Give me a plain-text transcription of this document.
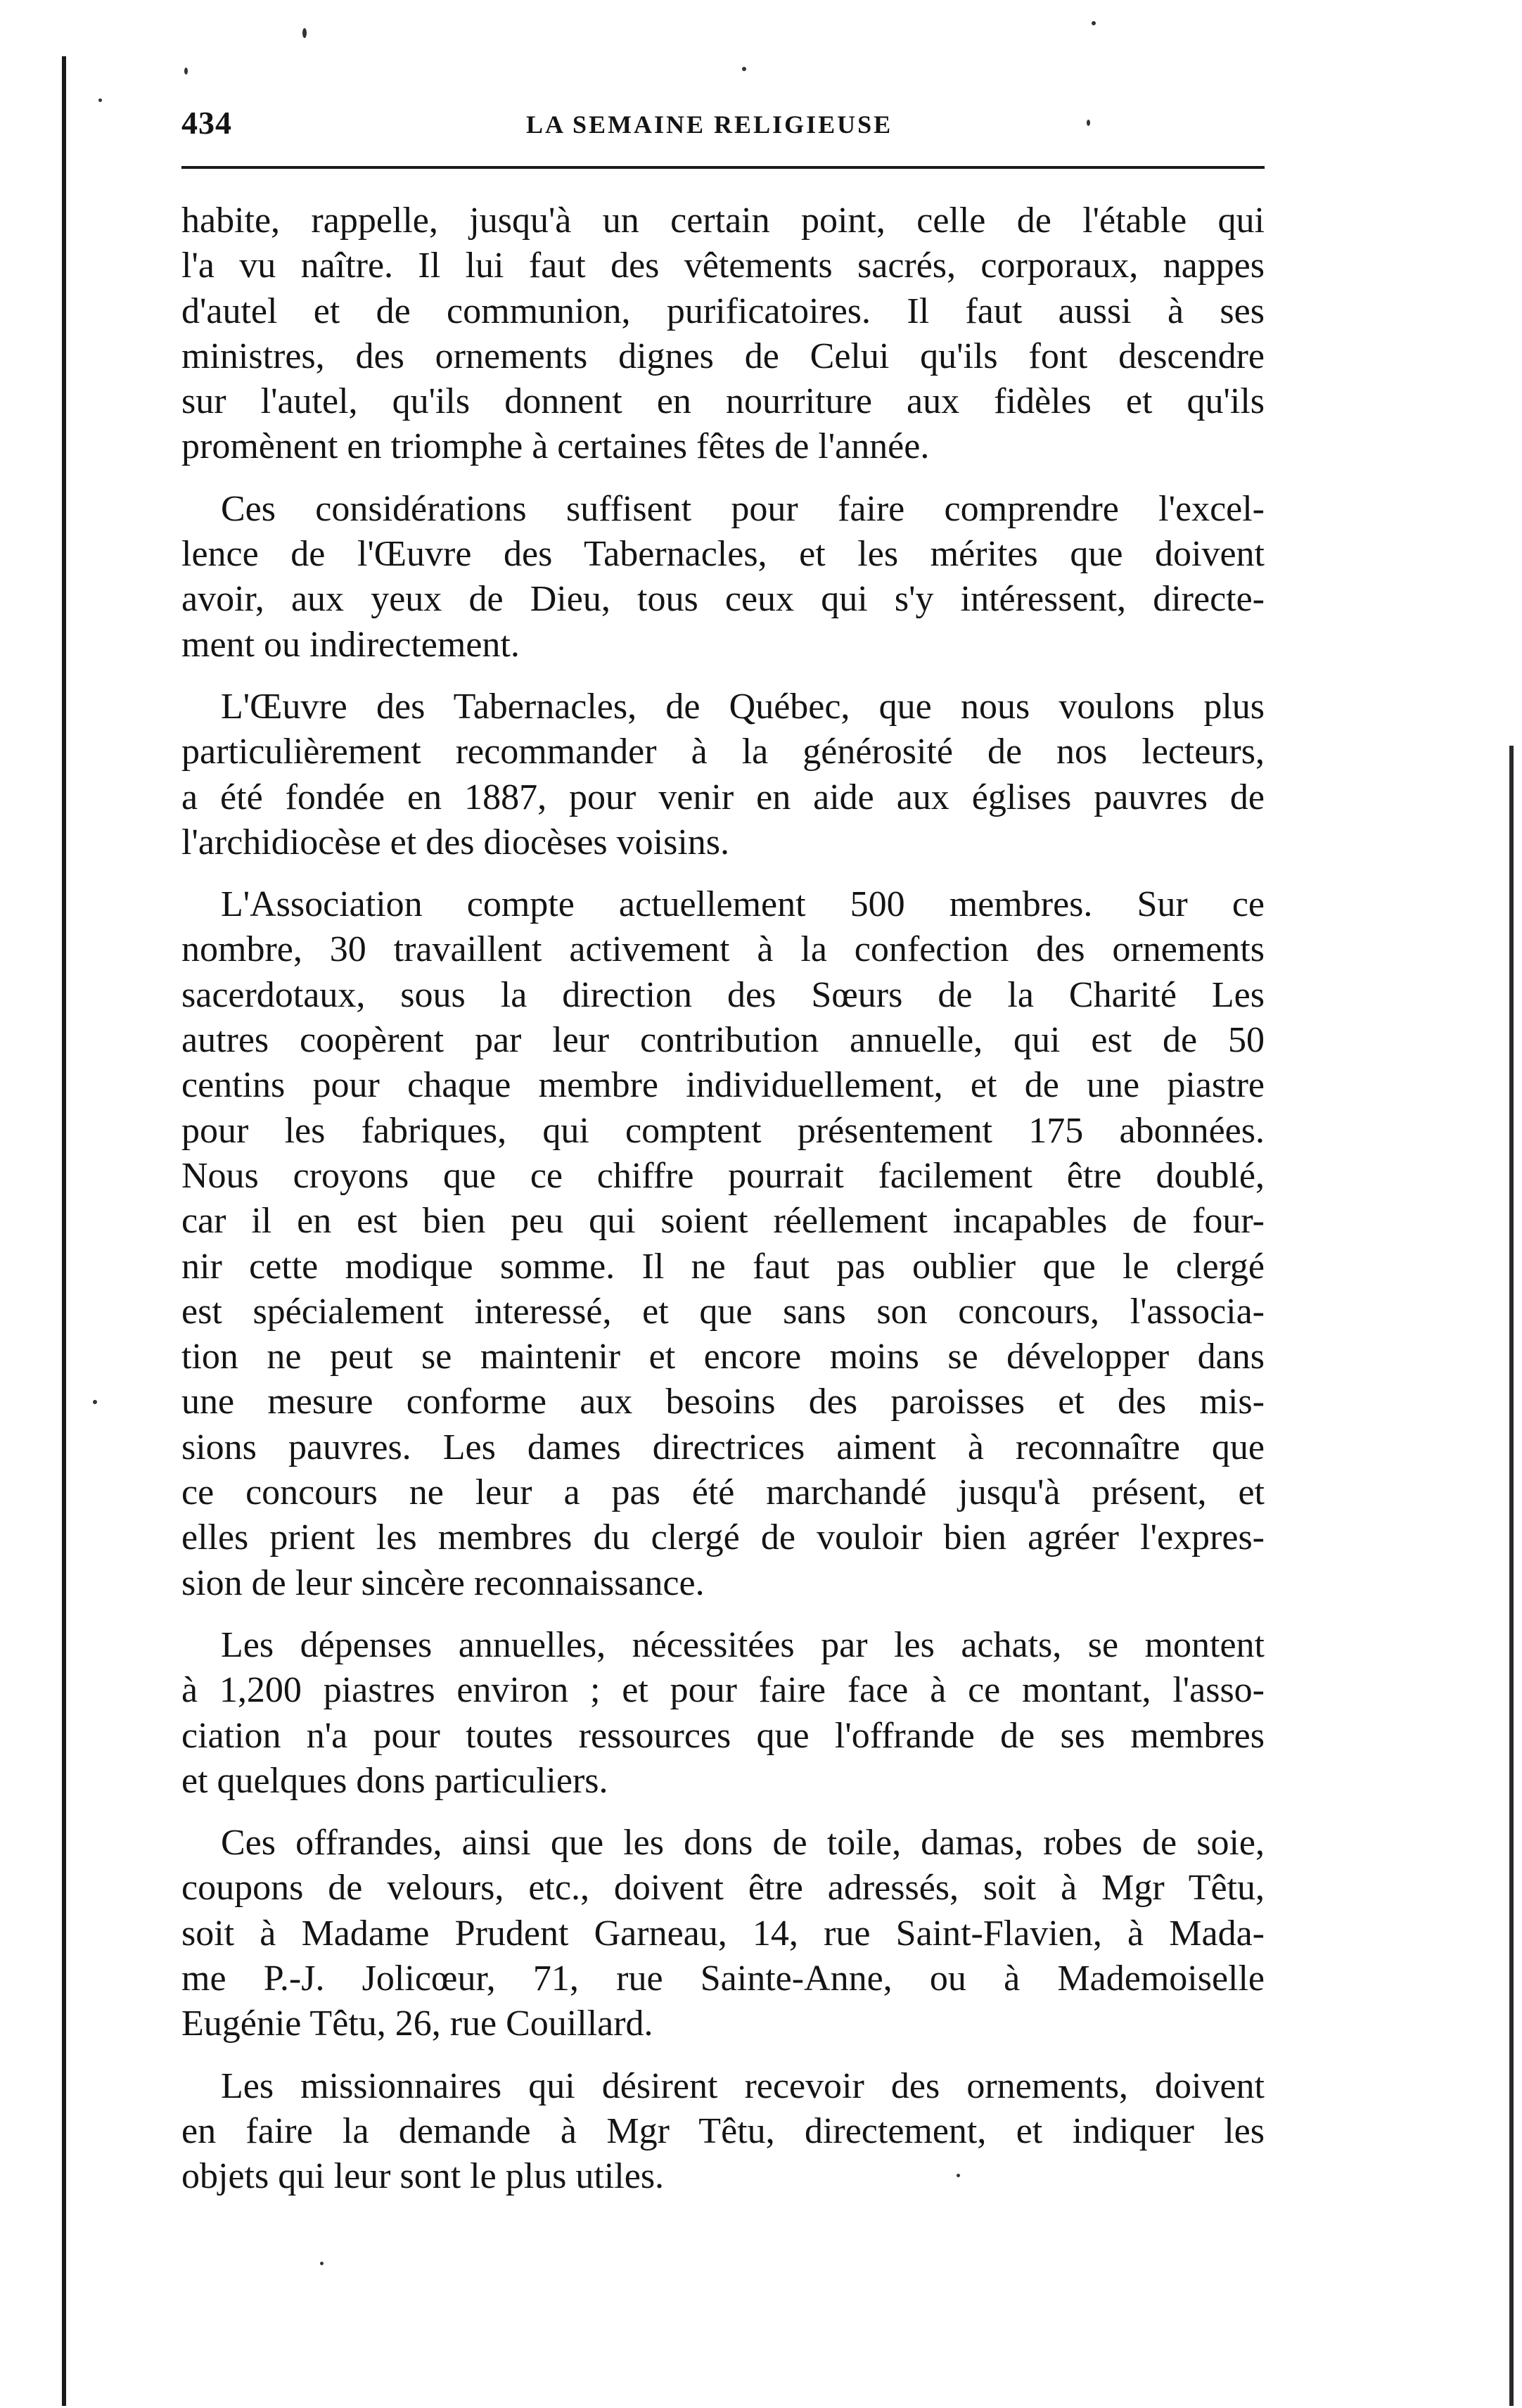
434	LA SEMAINE RELIGIEUSE
habite, rappelle, jusqu'à un certain point, celle de l'étable qui
l'a vu naître. Il lui faut des vêtements sacrés, corporaux, nappes
d'autel et de communion, purificatoires. Il faut aussi à ses
ministres, des ornements dignes de Celui qu'ils font descendre
sur l'autel, qu'ils donnent en nourriture aux fidèles et qu'ils
promènent en triomphe à certaines fêtes de l'année.
Ces considérations suffisent pour faire comprendre l'excel-
lence de l'Œuvre des Tabernacles, et les mérites que doivent
avoir, aux yeux de Dieu, tous ceux qui s'y intéressent, directe-
ment ou indirectement.
L'Œuvre des Tabernacles, de Québec, que nous voulons plus
particulièrement recommander à la générosité de nos lecteurs,
a été fondée en 1887, pour venir en aide aux églises pauvres de
l'archidiocèse et des diocèses voisins.
L'Association compte actuellement 500 membres. Sur ce
nombre, 30 travaillent activement à la confection des ornements
sacerdotaux, sous la direction des Sœurs de la Charité Les
autres coopèrent par leur contribution annuelle, qui est de 50
centins pour chaque membre individuellement, et de une piastre
pour les fabriques, qui comptent présentement 175 abonnées.
Nous croyons que ce chiffre pourrait facilement être doublé,
car il en est bien peu qui soient réellement incapables de four-
nir cette modique somme. Il ne faut pas oublier que le clergé
est spécialement interessé, et que sans son concours, l'associa-
tion ne peut se maintenir et encore moins se développer dans
une mesure conforme aux besoins des paroisses et des mis-
sions pauvres. Les dames directrices aiment à reconnaître que
ce concours ne leur a pas été marchandé jusqu'à présent, et
elles prient les membres du clergé de vouloir bien agréer l'expres-
sion de leur sincère reconnaissance.
Les dépenses annuelles, nécessitées par les achats, se montent
à 1,200 piastres environ ; et pour faire face à ce montant, l'asso-
ciation n'a pour toutes ressources que l'offrande de ses membres
et quelques dons particuliers.
Ces offrandes, ainsi que les dons de toile, damas, robes de soie,
coupons de velours, etc., doivent être adressés, soit à Mgr Têtu,
soit à Madame Prudent Garneau, 14, rue Saint-Flavien, à Mada-
me P.-J. Jolicœur, 71, rue Sainte-Anne, ou à Mademoiselle
Eugénie Têtu, 26, rue Couillard.
Les missionnaires qui désirent recevoir des ornements, doivent
en faire la demande à Mgr Têtu, directement, et indiquer les
objets qui leur sont le plus utiles.
